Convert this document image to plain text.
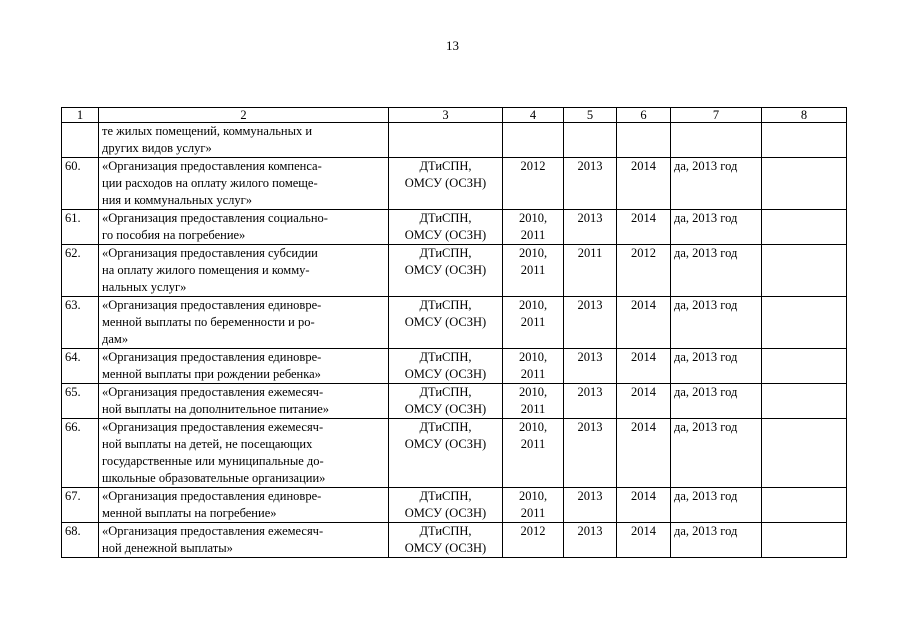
13
1	2	3	4	5	6	7	8
	те жилых помещений, коммунальных и
других видов услуг»						
60.	«Организация предоставления компенса-
ции расходов на оплату жилого помеще-
ния и коммунальных услуг»	ДТиСПН,
ОМСУ (ОСЗН)	2012	2013	2014	да, 2013 год	
61.	«Организация предоставления социально-
го пособия на погребение»	ДТиСПН,
ОМСУ (ОСЗН)	2010,
2011	2013	2014	да, 2013 год	
62.	«Организация предоставления субсидии
на оплату жилого помещения и комму-
нальных услуг»	ДТиСПН,
ОМСУ (ОСЗН)	2010,
2011	2011	2012	да, 2013 год	
63.	«Организация предоставления единовре-
менной выплаты по беременности и ро-
дам»	ДТиСПН,
ОМСУ (ОСЗН)	2010,
2011	2013	2014	да, 2013 год	
64.	«Организация предоставления единовре-
менной выплаты при рождении ребенка»	ДТиСПН,
ОМСУ (ОСЗН)	2010,
2011	2013	2014	да, 2013 год	
65.	«Организация предоставления ежемесяч-
ной выплаты на дополнительное питание»	ДТиСПН,
ОМСУ (ОСЗН)	2010,
2011	2013	2014	да, 2013 год	
66.	«Организация предоставления ежемесяч-
ной выплаты на детей, не посещающих
государственные или муниципальные до-
школьные образовательные организации»	ДТиСПН,
ОМСУ (ОСЗН)	2010,
2011	2013	2014	да, 2013 год	
67.	«Организация предоставления единовре-
менной выплаты на погребение»	ДТиСПН,
ОМСУ (ОСЗН)	2010,
2011	2013	2014	да, 2013 год	
68.	«Организация предоставления ежемесяч-
ной денежной выплаты»	ДТиСПН,
ОМСУ (ОСЗН)	2012	2013	2014	да, 2013 год	
